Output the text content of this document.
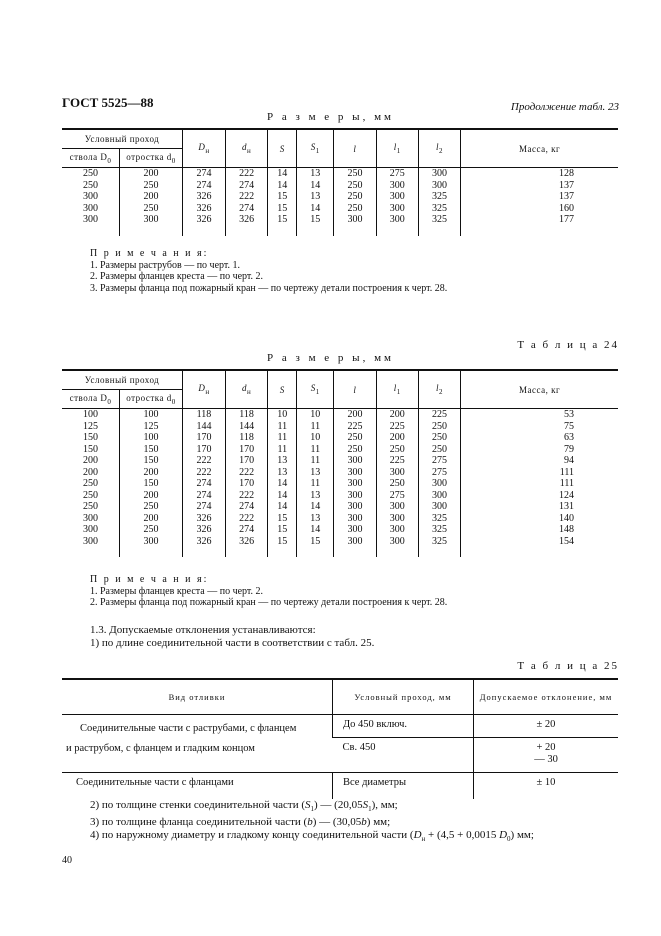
ГОСТ 5525—88	Продолжение табл. 23
Р а з м е р ы, мм
Условный проход		$D_н$	$d_н$	S	$S_1$	l	$l_1$	$l_2$	Масса, кг
ствола $D_0$	отростка $d_0$
250	200	274	222	14	13	250	275	300	128
250	250	274	274	14	14	250	300	300	137
300	200	326	222	15	13	250	300	325	137
300	250	326	274	15	14	250	300	325	160
300	300	326	326	15	15	300	300	325	177

П р и м е ч а н и я:
1. Размеры раструбов — по черт. 1.
2. Размеры фланцев креста — по черт. 2.
3. Размеры фланца под пожарный кран — по чертежу детали построения к черт. 28.
Т а б л и ц а 24
Р а з м е р ы, мм
Условный проход		$D_н$	$d_н$	S	$S_1$	l	$l_1$	$l_2$	Масса, кг
ствола $D_0$	отростка $d_0$
100	100	118	118	10	10	200	200	225	53
125	125	144	144	11	11	225	225	250	75
150	100	170	118	11	10	250	200	250	63
150	150	170	170	11	11	250	250	250	79
200	150	222	170	13	11	300	225	275	94
200	200	222	222	13	13	300	300	275	111
250	150	274	170	14	11	300	250	300	111
250	200	274	222	14	13	300	275	300	124
250	250	274	274	14	14	300	300	300	131
300	200	326	222	15	13	300	300	325	140
300	250	326	274	15	14	300	300	325	148
300	300	326	326	15	15	300	300	325	154

П р и м е ч а н и я:
1. Размеры фланцев креста — по черт. 2.
2. Размеры фланца под пожарный кран — по чертежу детали построения к черт. 28.
1.3. Допускаемые отклонения устанавливаются:
1) по длине соединительной части в соответствии с табл. 25.
Т а б л и ц а 25
Вид отливки	Условный проход, мм	Допускаемое отклонение, мм

Соединительные части с раструбами, с фланцем
и раструбом, с фланцем и гладким концом	До 450 включ.	± 20
	Св. 450	+ 20
— 30

Соединительные части с фланцами	Все диаметры	± 10
2) по толщине стенки соединительной части $(S_1)$ — $(20,05S_1)$, мм;
3) по толщине фланца соединительной части (b) — (30,05b) мм;
4) по наружному диаметру и гладкому концу соединительной части ($D_н + (4,5 + 0,0015$ $D_0$) мм;
40
